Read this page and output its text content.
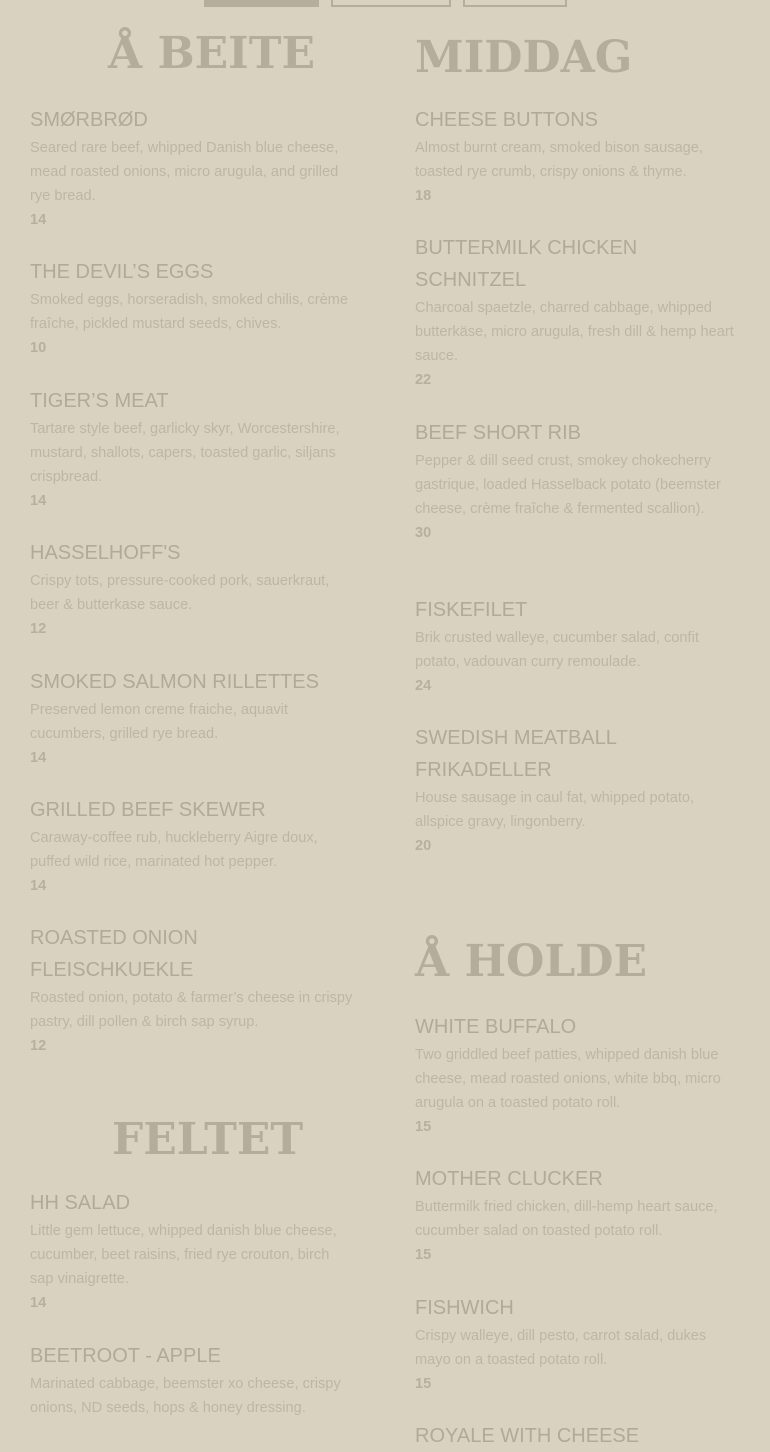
Å BEITE

SMØRBRØD

Seared rare beef, whipped Danish blue cheese, mead roasted onions, micro arugula, and grilled rye bread.

14

THE DEVIL’S EGGS

Smoked eggs, horseradish, smoked chilis, crème fraîche, pickled mustard seeds, chives.

10

TIGER’S MEAT

Tartare style beef, garlicky skyr, Worcestershire, mustard, shallots, capers, toasted garlic, siljans crispbread.

14

HASSELHOFF'S

Crispy tots, pressure-cooked pork, sauerkraut, beer & butterkase sauce.

12

SMOKED SALMON RILLETTES

Preserved lemon creme fraiche, aquavit cucumbers, grilled rye bread.

14

GRILLED BEEF SKEWER

Caraway-coffee rub, huckleberry Aigre doux, puffed wild rice, marinated hot pepper.

14

ROASTED ONION FLEISCHKUEKLE

Roasted onion, potato & farmer’s cheese in crispy pastry, dill pollen & birch sap syrup.

12

FELTET

HH SALAD

Little gem lettuce, whipped danish blue cheese, cucumber, beet raisins, fried rye crouton, birch sap vinaigrette.

14

BEETROOT - APPLE

Marinated cabbage, beemster xo cheese, crispy onions, ND seeds, hops & honey dressing.

MIDDAG

CHEESE BUTTONS

Almost burnt cream, smoked bison sausage, toasted rye crumb, crispy onions & thyme.

18

BUTTERMILK CHICKEN SCHNITZEL

Charcoal spaetzle, charred cabbage, whipped butterkäse, micro arugula, fresh dill & hemp heart sauce.

22

BEEF SHORT RIB

Pepper & dill seed crust, smokey chokecherry gastrique, loaded Hasselback potato (beemster cheese, crème fraîche & fermented scallion).

30

FISKEFILET

Brik crusted walleye, cucumber salad, confit potato, vadouvan curry remoulade.

24

SWEDISH MEATBALL FRIKADELLER

House sausage in caul fat, whipped potato, allspice gravy, lingonberry.

20

Å HOLDE

WHITE BUFFALO

Two griddled beef patties, whipped danish blue cheese, mead roasted onions, white bbq, micro arugula on a toasted potato roll.

15

MOTHER CLUCKER

Buttermilk fried chicken, dill-hemp heart sauce, cucumber salad on toasted potato roll.

15

FISHWICH

Crispy walleye, dill pesto, carrot salad, dukes mayo on a toasted potato roll.

15

ROYALE WITH CHEESE
